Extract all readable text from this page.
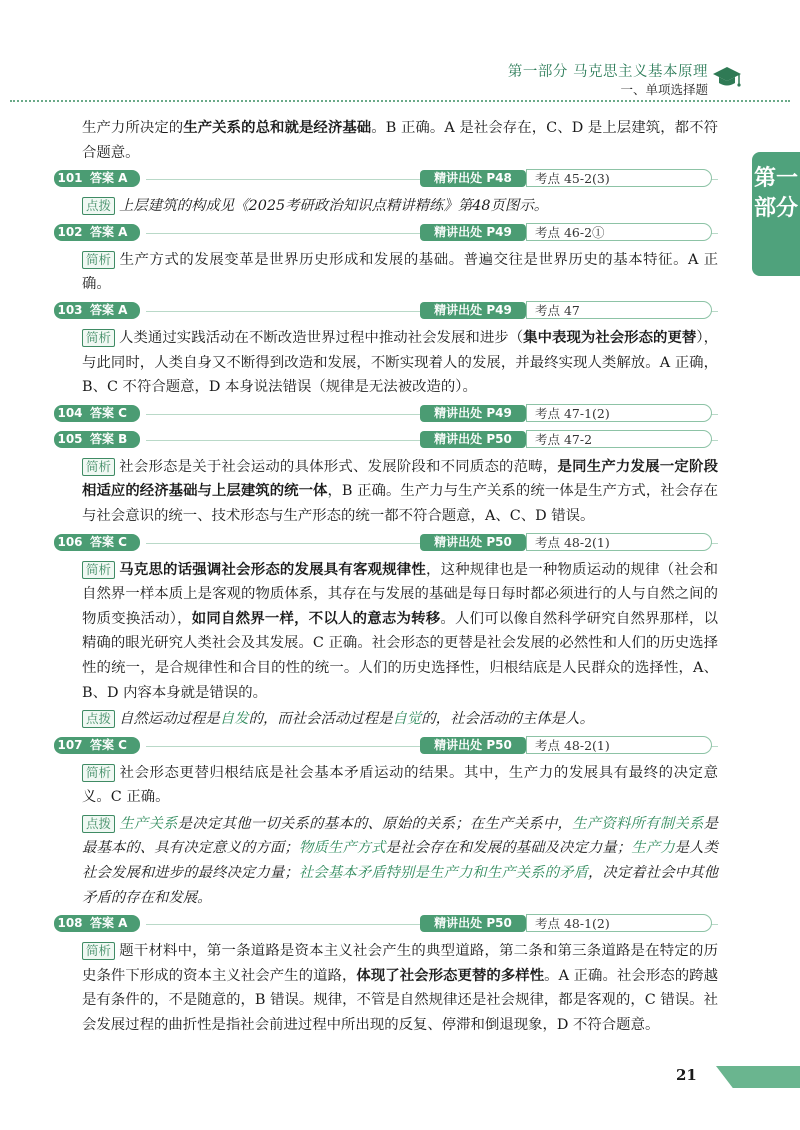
第一部分 马克思主义基本原理
一、单项选择题
第一部分

生产力所决定的生产关系的总和就是经济基础。B 正确。A 是社会存在，C、D 是上层建筑，都不符合题意。

101 答案 A	精讲出处 P48	考点 45-2(3)

点拨 上层建筑的构成见《2025考研政治知识点精讲精练》第48页图示。

102 答案 A	精讲出处 P49	考点 46-2①

简析 生产方式的发展变革是世界历史形成和发展的基础。普遍交往是世界历史的基本特征。A 正确。

103 答案 A	精讲出处 P49	考点 47

简析 人类通过实践活动在不断改造世界过程中推动社会发展和进步（集中表现为社会形态的更替），与此同时，人类自身又不断得到改造和发展，不断实现着人的发展，并最终实现人类解放。A 正确，B、C 不符合题意，D 本身说法错误（规律是无法被改造的）。

104 答案 C	精讲出处 P49	考点 47-1(2)
105 答案 B	精讲出处 P50	考点 47-2

简析 社会形态是关于社会运动的具体形式、发展阶段和不同质态的范畴，是同生产力发展一定阶段相适应的经济基础与上层建筑的统一体，B 正确。生产力与生产关系的统一体是生产方式，社会存在与社会意识的统一、技术形态与生产形态的统一都不符合题意，A、C、D 错误。

106 答案 C	精讲出处 P50	考点 48-2(1)

简析 马克思的话强调社会形态的发展具有客观规律性，这种规律也是一种物质运动的规律（社会和自然界一样本质上是客观的物质体系，其存在与发展的基础是每日每时都必须进行的人与自然之间的物质变换活动），如同自然界一样，不以人的意志为转移。人们可以像自然科学研究自然界那样，以精确的眼光研究人类社会及其发展。C 正确。社会形态的更替是社会发展的必然性和人们的历史选择性的统一，是合规律性和合目的性的统一。人们的历史选择性，归根结底是人民群众的选择性，A、B、D 内容本身就是错误的。

点拨 自然运动过程是自发的，而社会活动过程是自觉的，社会活动的主体是人。

107 答案 C	精讲出处 P50	考点 48-2(1)

简析 社会形态更替归根结底是社会基本矛盾运动的结果。其中，生产力的发展具有最终的决定意义。C 正确。

点拨 生产关系是决定其他一切关系的基本的、原始的关系；在生产关系中，生产资料所有制关系是最基本的、具有决定意义的方面；物质生产方式是社会存在和发展的基础及决定力量；生产力是人类社会发展和进步的最终决定力量；社会基本矛盾特别是生产力和生产关系的矛盾，决定着社会中其他矛盾的存在和发展。

108 答案 A	精讲出处 P50	考点 48-1(2)

简析 题干材料中，第一条道路是资本主义社会产生的典型道路，第二条和第三条道路是在特定的历史条件下形成的资本主义社会产生的道路，体现了社会形态更替的多样性。A 正确。社会形态的跨越是有条件的，不是随意的，B 错误。规律，不管是自然规律还是社会规律，都是客观的，C 错误。社会发展过程的曲折性是指社会前进过程中所出现的反复、停滞和倒退现象，D 不符合题意。

21
